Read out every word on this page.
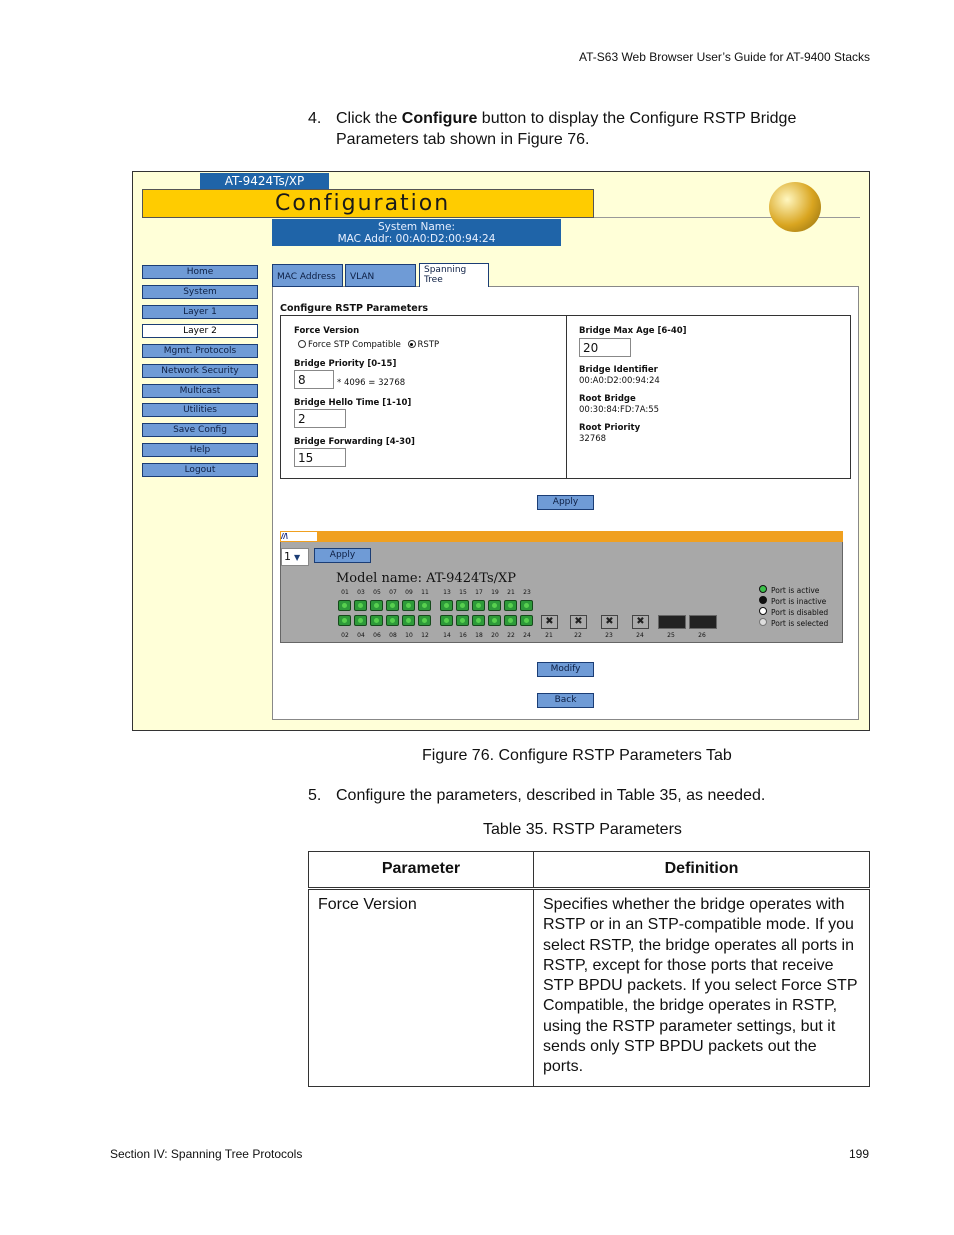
AT-S63 Web Browser User’s Guide for AT-9400 Stacks
4. Click the Configure button to display the Configure RSTP Bridge Parameters tab shown in Figure 76.
AT-9424Ts/XP
Configuration
System Name:
MAC Addr: 00:A0:D2:00:94:24
Home
System
Layer 1
Layer 2
Mgmt. Protocols
Network Security
Multicast
Utilities
Save Config
Help
Logout
MAC Address	VLAN
Spanning
Tree
Configure RSTP Parameters
Force Version
Force STP Compatible RSTP
Bridge Priority [0-15]
8	* 4096 = 32768
Bridge Hello Time [1-10]
2
Bridge Forwarding [4-30]
15
Bridge Max Age [6-40]
20
Bridge Identifier
00:A0:D2:00:94:24
Root Bridge
00:30:84:FD:7A:55
Root Priority
32768
Apply
//\
1 ▼	Apply
Model name: AT-9424Ts/XP
01	03	05	07	09	11	13	15	17	19	21	23
02	04	06	08	10	12	14	16	18	20	22	24
✖	✖	✖	✖
21	22	23	24	25	26
Port is active
Port is inactive
Port is disabled
Port is selected
Modify
Back
Figure 76. Configure RSTP Parameters Tab
5. Configure the parameters, described in Table 35, as needed.
Table 35. RSTP Parameters
Parameter	Definition
Force Version	Specifies whether the bridge operates with RSTP or in an STP-compatible mode. If you select RSTP, the bridge operates all ports in RSTP, except for those ports that receive STP BPDU packets. If you select Force STP Compatible, the bridge operates in RSTP, using the RSTP parameter settings, but it sends only STP BPDU packets out the ports.
Section IV: Spanning Tree Protocols	199
